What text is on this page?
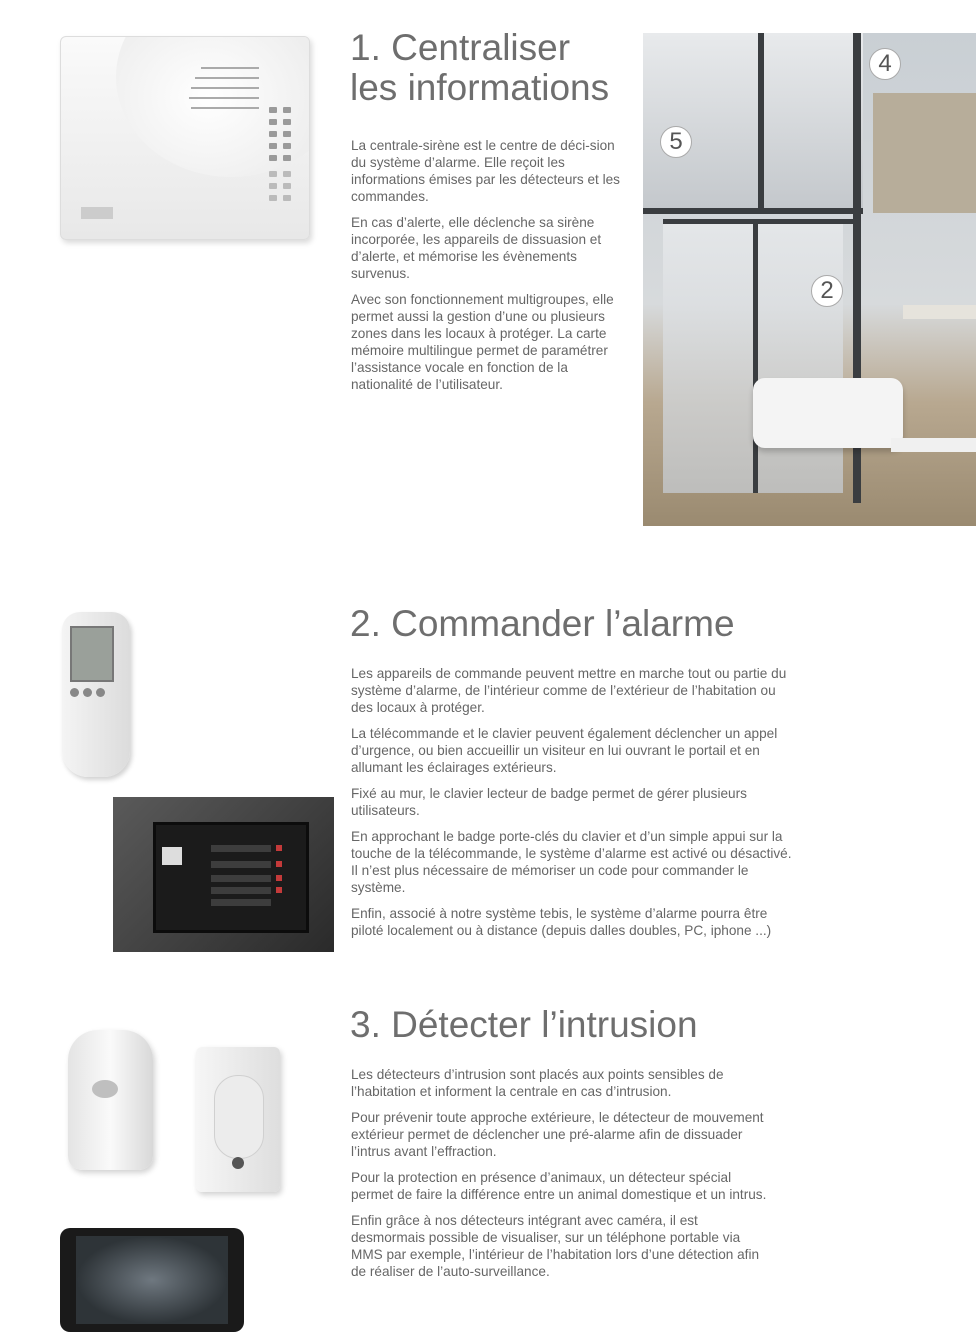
1. Centraliser
les informations

La centrale-sirène est le centre de déci-sion du système d’alarme. Elle reçoit les informations émises par les détecteurs et les commandes.

En cas d’alerte, elle déclenche sa sirène incorporée, les appareils de dissuasion et d’alerte, et mémorise les évènements survenus.

Avec son fonctionnement multigroupes, elle permet aussi la gestion d’une ou plusieurs zones dans les locaux à protéger. La carte mémoire multilingue permet de paramétrer l’assistance vocale en fonction de la nationalité de l’utilisateur.

4
5
2
2. Commander l’alarme

Les appareils de commande peuvent mettre en marche tout ou partie du système d’alarme, de l’intérieur comme de l’extérieur de l’habitation ou des locaux à protéger.

La télécommande et le clavier peuvent également déclencher un appel d’urgence, ou bien accueillir un visiteur en lui ouvrant le portail et en allumant les éclairages extérieurs.

Fixé au mur, le clavier lecteur de badge permet de gérer plusieurs utilisateurs.

En approchant le badge porte-clés du clavier et d’un simple appui sur la touche de la télécommande, le système d’alarme est activé ou désactivé. Il n’est plus nécessaire de mémoriser un code pour commander le système.

Enfin, associé à notre système tebis, le système d’alarme pourra être piloté localement ou à distance (depuis dalles doubles, PC, iphone ...)

3. Détecter l’intrusion

Les détecteurs d’intrusion sont placés aux points sensibles de l’habitation et informent la centrale en cas d’intrusion.

Pour prévenir toute approche extérieure, le détecteur de mouvement extérieur permet de déclencher une pré-alarme afin de dissuader l’intrus avant l’effraction.

Pour la protection en présence d’animaux, un détecteur spécial permet de faire la différence entre un animal domestique et un intrus.

Enfin grâce à nos détecteurs intégrant avec caméra, il est desmormais possible de visualiser, sur un téléphone portable via MMS par exemple, l’intérieur de l’habitation lors d’une détection afin de réaliser de l’auto-surveillance.
